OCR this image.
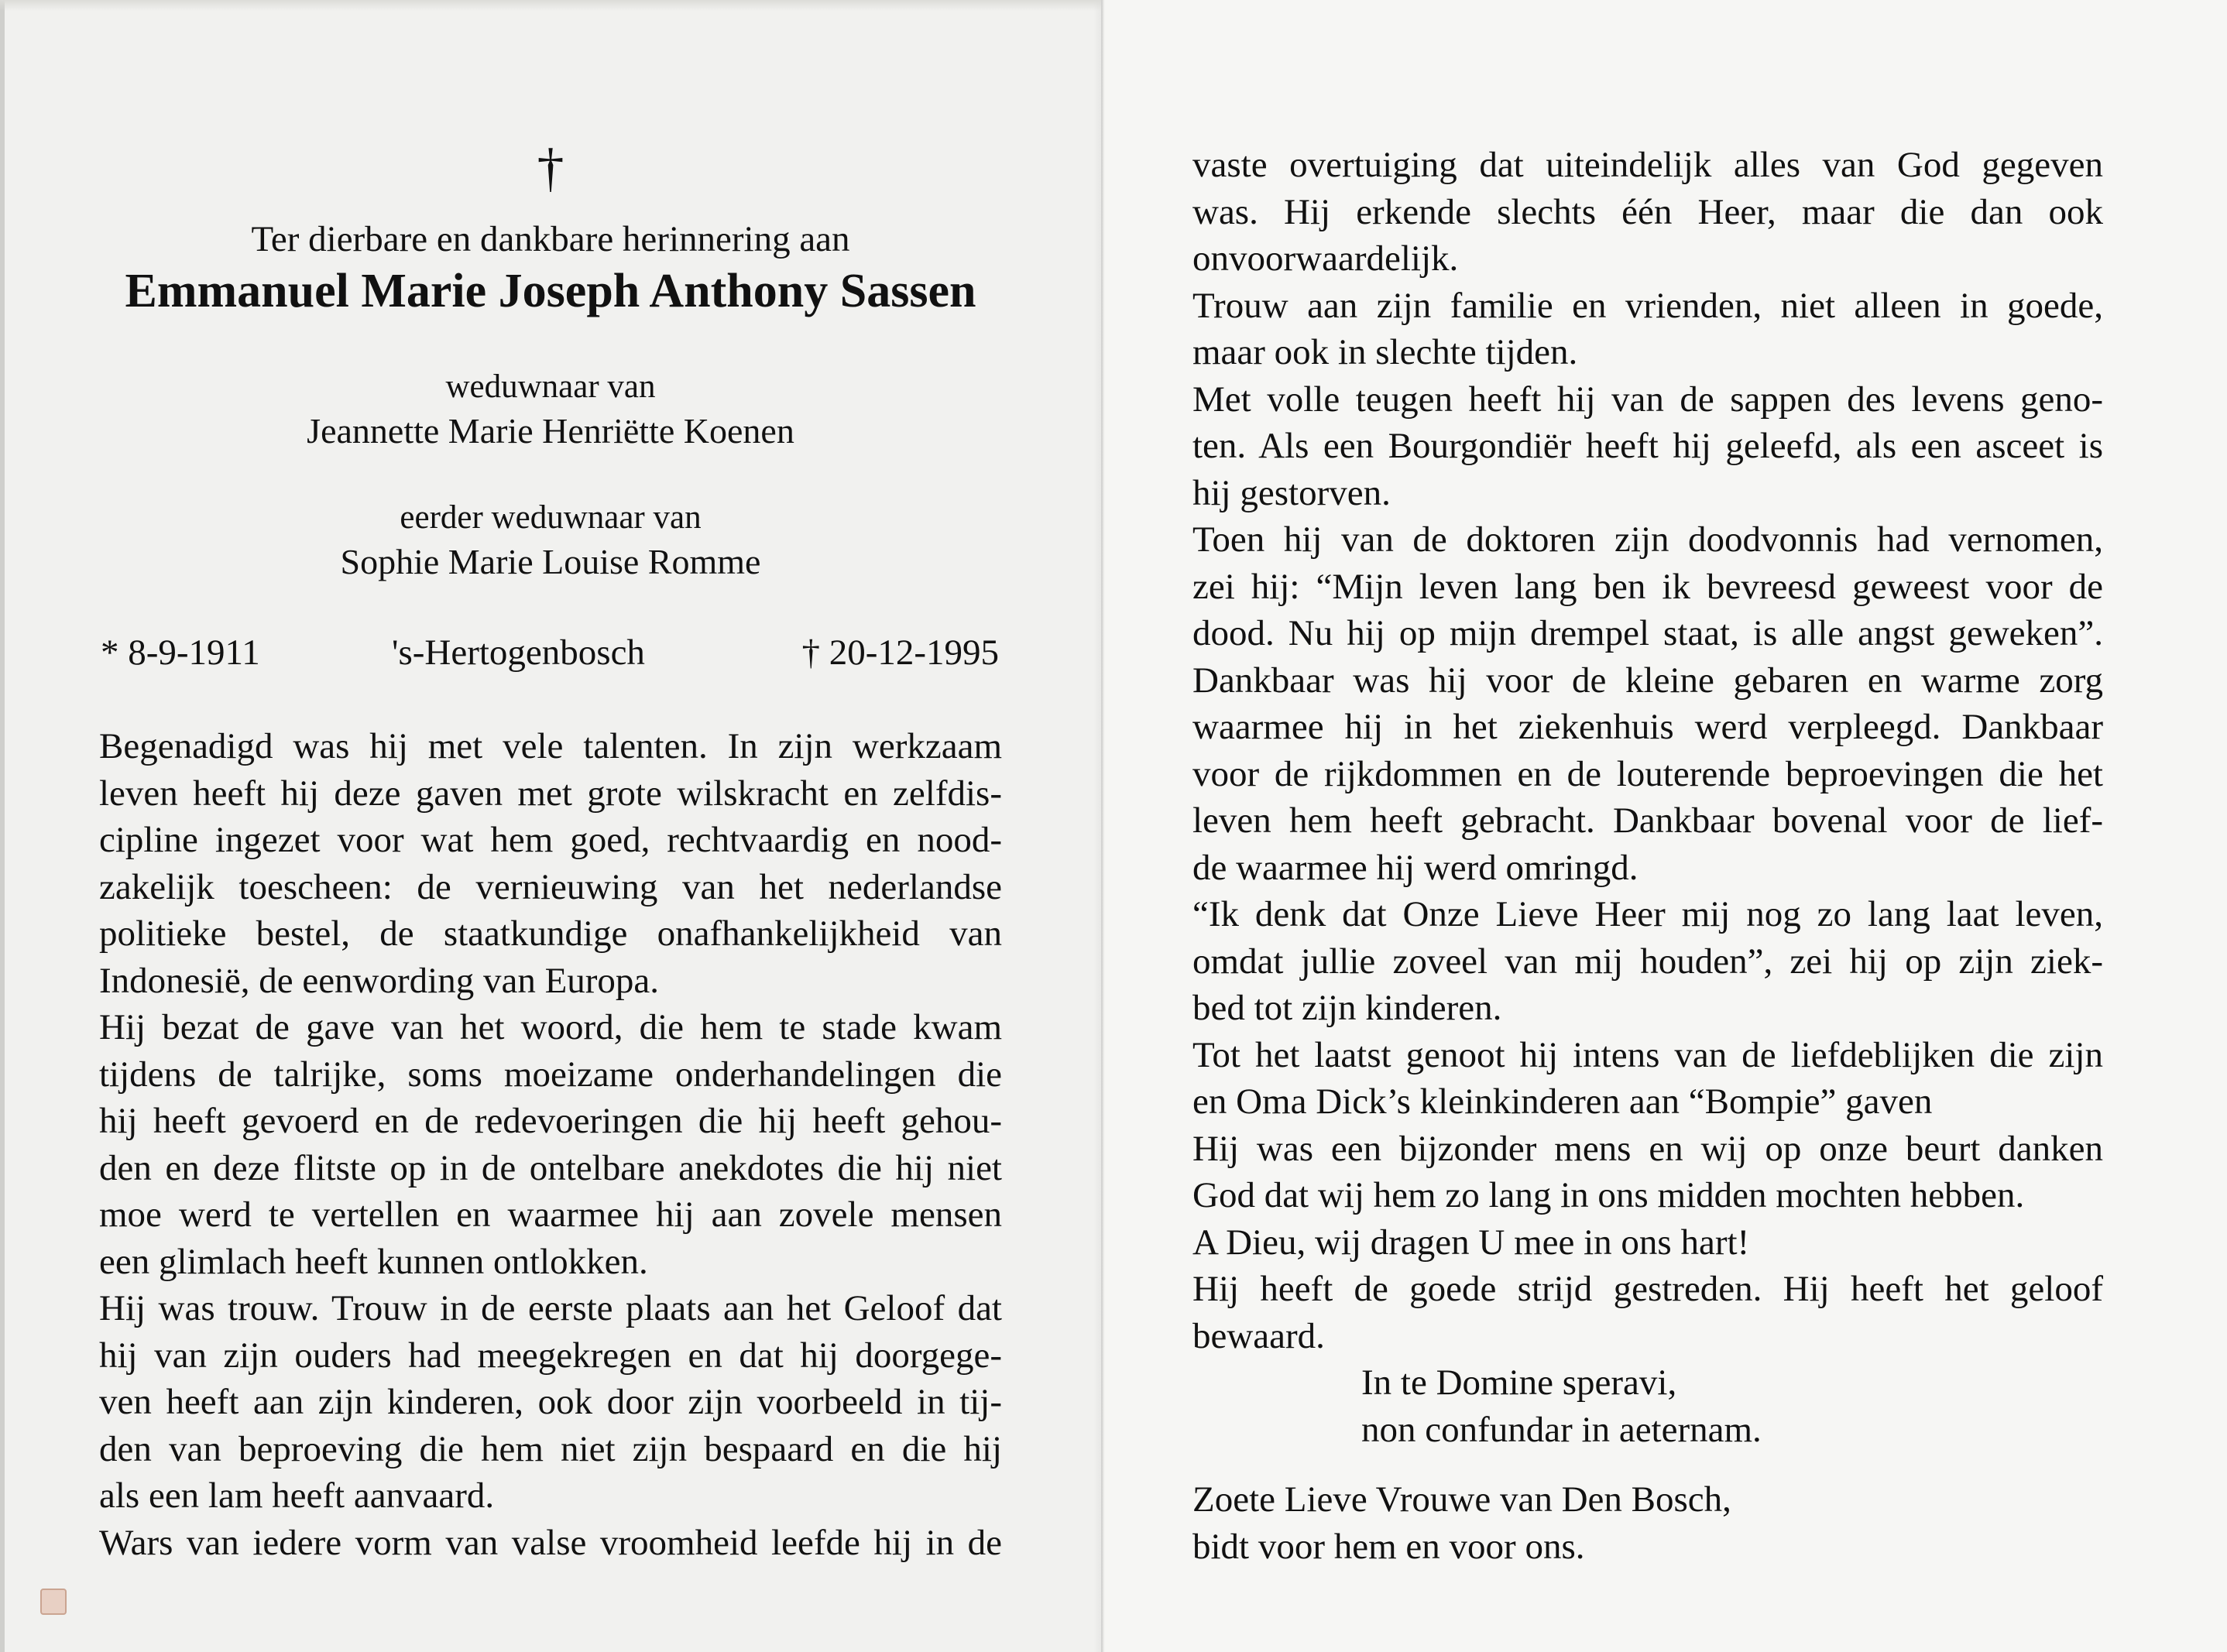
†
Ter dierbare en dankbare herinnering aan
Emmanuel Marie Joseph Anthony Sassen
weduwnaar van
Jeannette Marie Henriëtte Koenen
eerder weduwnaar van
Sophie Marie Louise Romme
* 8-9-1911	's-Hertogenbosch	† 20-12-1995
Begenadigd was hij met vele talenten. In zijn werkzaam
leven heeft hij deze gaven met grote wilskracht en zelfdis-
cipline ingezet voor wat hem goed, rechtvaardig en nood-
zakelijk toescheen: de vernieuwing van het nederlandse
politieke bestel, de staatkundige onafhankelijkheid van
Indonesië, de eenwording van Europa.
Hij bezat de gave van het woord, die hem te stade kwam
tijdens de talrijke, soms moeizame onderhandelingen die
hij heeft gevoerd en de redevoeringen die hij heeft gehou-
den en deze flitste op in de ontelbare anekdotes die hij niet
moe werd te vertellen en waarmee hij aan zovele mensen
een glimlach heeft kunnen ontlokken.
Hij was trouw. Trouw in de eerste plaats aan het Geloof dat
hij van zijn ouders had meegekregen en dat hij doorgege-
ven heeft aan zijn kinderen, ook door zijn voorbeeld in tij-
den van beproeving die hem niet zijn bespaard en die hij
als een lam heeft aanvaard.
Wars van iedere vorm van valse vroomheid leefde hij in de
vaste overtuiging dat uiteindelijk alles van God gegeven
was. Hij erkende slechts één Heer, maar die dan ook
onvoorwaardelijk.
Trouw aan zijn familie en vrienden, niet alleen in goede,
maar ook in slechte tijden.
Met volle teugen heeft hij van de sappen des levens geno-
ten. Als een Bourgondiër heeft hij geleefd, als een asceet is
hij gestorven.
Toen hij van de doktoren zijn doodvonnis had vernomen,
zei hij: “Mijn leven lang ben ik bevreesd geweest voor de
dood. Nu hij op mijn drempel staat, is alle angst geweken”.
Dankbaar was hij voor de kleine gebaren en warme zorg
waarmee hij in het ziekenhuis werd verpleegd. Dankbaar
voor de rijkdommen en de louterende beproevingen die het
leven hem heeft gebracht. Dankbaar bovenal voor de lief-
de waarmee hij werd omringd.
“Ik denk dat Onze Lieve Heer mij nog zo lang laat leven,
omdat jullie zoveel van mij houden”, zei hij op zijn ziek-
bed tot zijn kinderen.
Tot het laatst genoot hij intens van de liefdeblijken die zijn
en Oma Dick’s kleinkinderen aan “Bompie” gaven
Hij was een bijzonder mens en wij op onze beurt danken
God dat wij hem zo lang in ons midden mochten hebben.
A Dieu, wij dragen U mee in ons hart!
Hij heeft de goede strijd gestreden. Hij heeft het geloof
bewaard.
In te Domine speravi,
non confundar in aeternam.
Zoete Lieve Vrouwe van Den Bosch,
bidt voor hem en voor ons.
